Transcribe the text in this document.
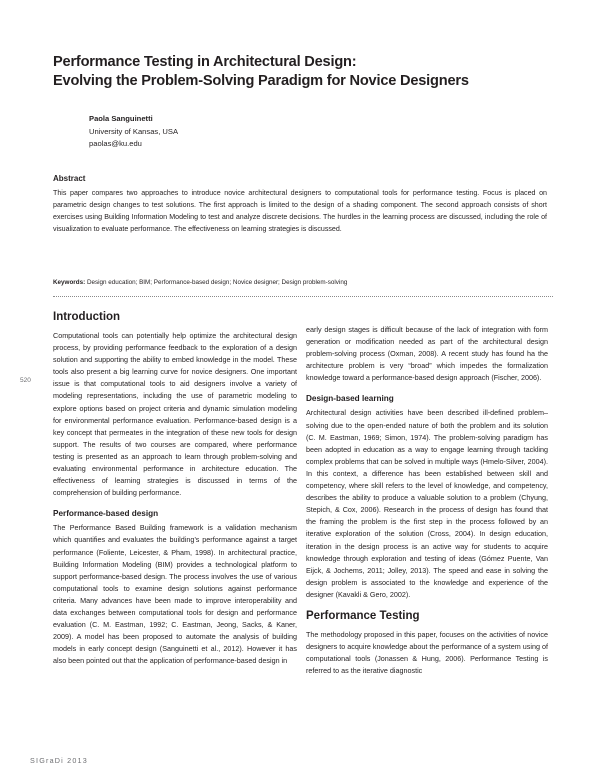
Performance Testing in Architectural Design:
Evolving the Problem-Solving Paradigm for Novice Designers
Paola Sanguinetti
University of Kansas, USA
paolas@ku.edu
Abstract
This paper compares two approaches to introduce novice architectural designers to computational tools for performance testing. Focus is placed on parametric design changes to test solutions. The first approach is limited to the design of a shading component. The second approach consists of short exercises using Building Information Modeling to test and analyze discrete decisions. The hurdles in the learning process are discussed, including the role of visualization to evaluate performance. The effectiveness on learning strategies is discussed.
Keywords: Design education; BIM; Performance-based design; Novice designer; Design problem-solving
520
Introduction

Computational tools can potentially help optimize the architectural design process, by providing performance feedback to the exploration of a design solution and supporting the ability to embed knowledge in the model. These tools also present a big learning curve for novice designers. One important issue is that computational tools to aid designers involve a variety of modeling representations, including the use of parametric modeling to explore options based on project criteria and dynamic simulation modeling for environmental performance evaluation. Performance-based design is a key concept that permeates in the integration of these new tools for design support. The results of two courses are compared, where performance testing is presented as an approach to learn through problem-solving and evaluating environmental performance in architecture education. The effectiveness of learning strategies is discussed in terms of the comprehension of building performance.

Performance-based design

The Performance Based Building framework is a validation mechanism which quantifies and evaluates the building’s performance against a target performance (Foliente, Leicester, & Pham, 1998). In architectural practice, Building Information Modeling (BIM) provides a technological platform to support performance-based design. The process involves the use of various computational tools to examine design solutions against performance criteria. Many advances have been made to improve interoperability and data exchanges between computational tools for design and performance evaluation (C. M. Eastman, 1992; C. Eastman, Jeong, Sacks, & Kaner, 2009). A model has been proposed to automate the analysis of building models in early concept design (Sanguinetti et al., 2012). However it has also been pointed out that the application of performance-based design in

early design stages is difficult because of the lack of integration with form generation or modification needed as part of the architectural design problem-solving process (Oxman, 2008). A recent study has found ha the architecture problem is very “broad” which impedes the formalization knowledge toward a performance-based design approach (Fischer, 2006).

Design-based learning

Architectural design activities have been described ill-defined problem–solving due to the open-ended nature of both the problem and its solution (C. M. Eastman, 1969; Simon, 1974). The problem-solving paradigm has been adopted in education as a way to engage learning through tackling complex problems that can be solved in multiple ways (Hmelo-Silver, 2004). In this context, a difference has been established between skill and competency, where skill refers to the level of knowledge, and competency, describes the ability to produce a valuable solution to a problem (Chyung, Stepich, & Cox, 2006). Research in the process of design has found that the framing the problem is the first step in the process followed by an iterative exploration of the solution (Cross, 2004). In design education, iteration in the design process is an active way for students to acquire knowledge through exploration and testing of ideas (Gómez Puente, Van Eijck, & Jochems, 2011; Jolley, 2013). The speed and ease in solving the design problem is associated to the knowledge and experience of the designer (Kavakli & Gero, 2002).

Performance Testing

The methodology proposed in this paper, focuses on the activities of novice designers to acquire knowledge about the performance of a system using of computational tools (Jonassen & Hung, 2006). Performance Testing is referred to as the iterative diagnostic

SIGraDi 2013
